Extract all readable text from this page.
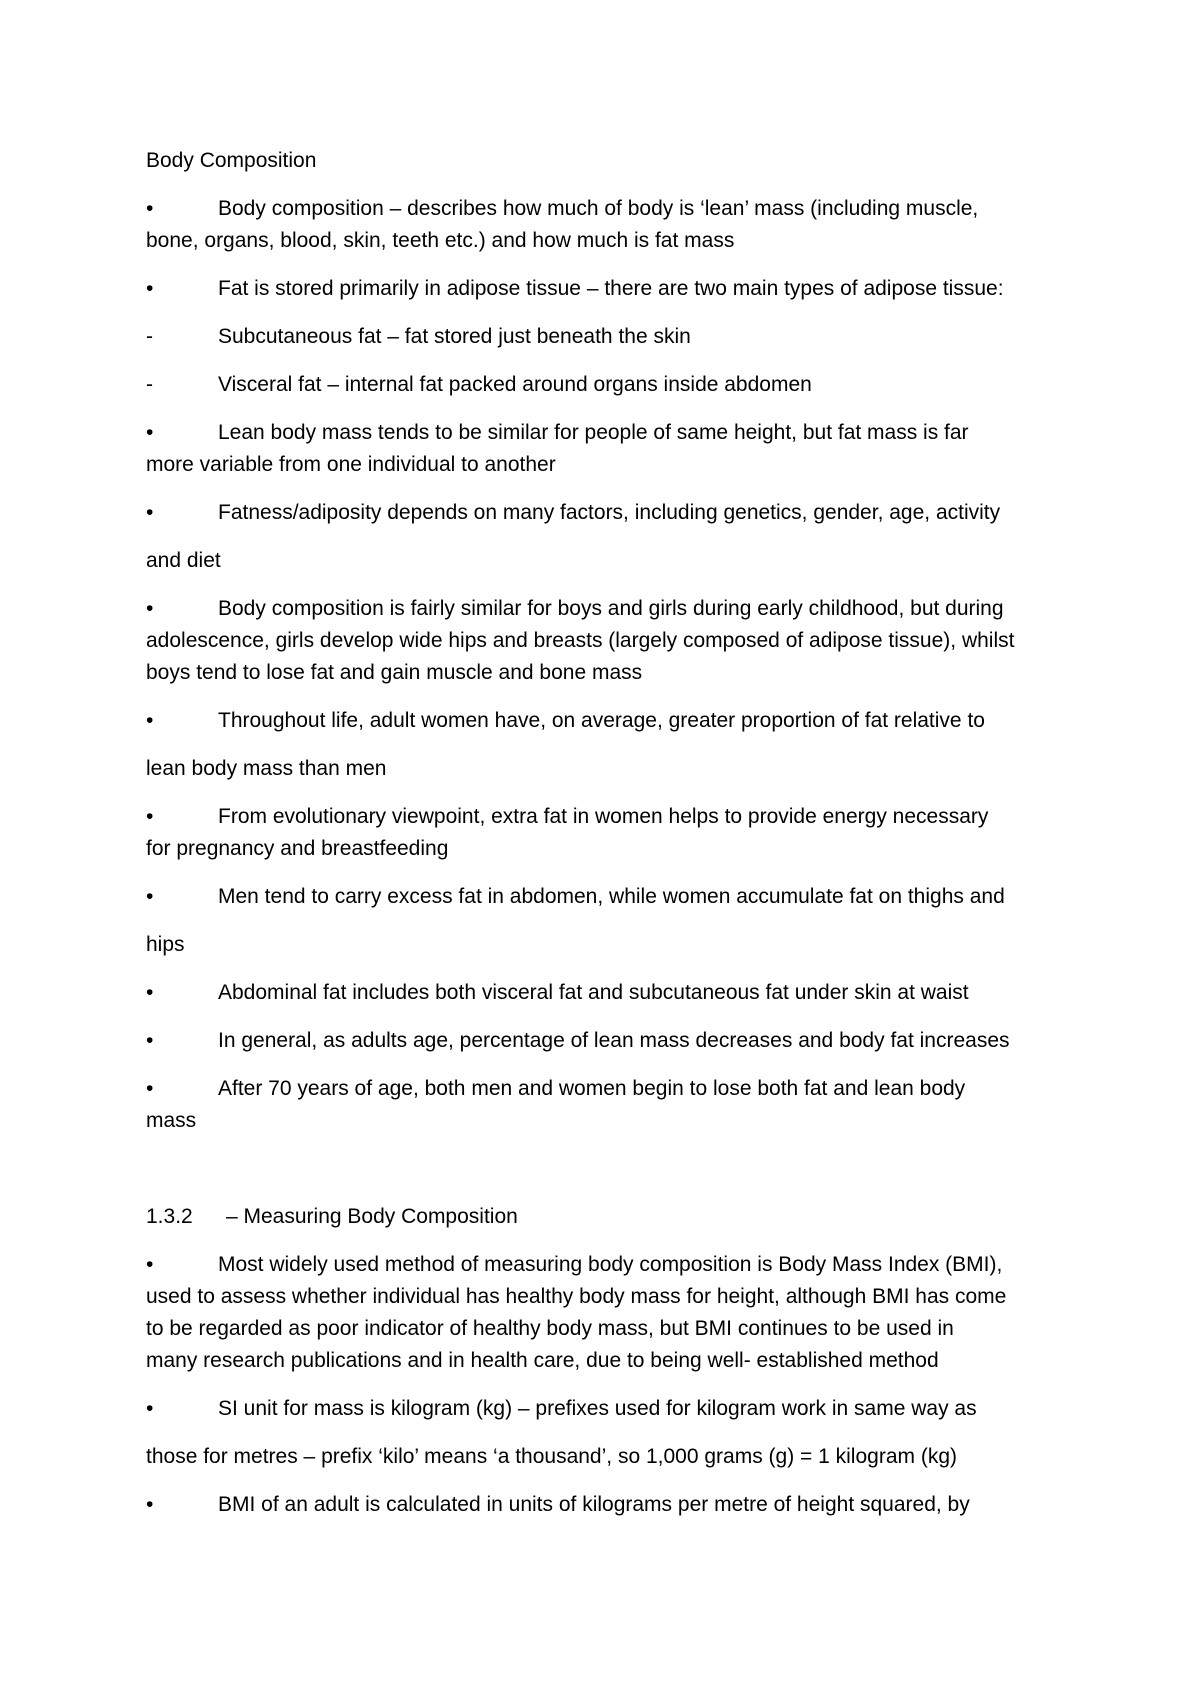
Body Composition
•	Body composition – describes how much of body is ‘lean’ mass (including muscle,
bone, organs, blood, skin, teeth etc.) and how much is fat mass
•	Fat is stored primarily in adipose tissue – there are two main types of adipose tissue:
-	Subcutaneous fat – fat stored just beneath the skin
-	Visceral fat – internal fat packed around organs inside abdomen
•	Lean body mass tends to be similar for people of same height, but fat mass is far
more variable from one individual to another
•	Fatness/adiposity depends on many factors, including genetics, gender, age, activity
and diet
•	Body composition is fairly similar for boys and girls during early childhood, but during
adolescence, girls develop wide hips and breasts (largely composed of adipose tissue), whilst
boys tend to lose fat and gain muscle and bone mass
•	Throughout life, adult women have, on average, greater proportion of fat relative to
lean body mass than men
•	From evolutionary viewpoint, extra fat in women helps to provide energy necessary
for pregnancy and breastfeeding
•	Men tend to carry excess fat in abdomen, while women accumulate fat on thighs and
hips
•	Abdominal fat includes both visceral fat and subcutaneous fat under skin at waist
•	In general, as adults age, percentage of lean mass decreases and body fat increases
•	After 70 years of age, both men and women begin to lose both fat and lean body
mass
1.3.2 – Measuring Body Composition
•	Most widely used method of measuring body composition is Body Mass Index (BMI),
used to assess whether individual has healthy body mass for height, although BMI has come
to be regarded as poor indicator of healthy body mass, but BMI continues to be used in
many research publications and in health care, due to being well- established method
•	SI unit for mass is kilogram (kg) – prefixes used for kilogram work in same way as
those for metres – prefix ‘kilo’ means ‘a thousand’, so 1,000 grams (g) = 1 kilogram (kg)
•	BMI of an adult is calculated in units of kilograms per metre of height squared, by
